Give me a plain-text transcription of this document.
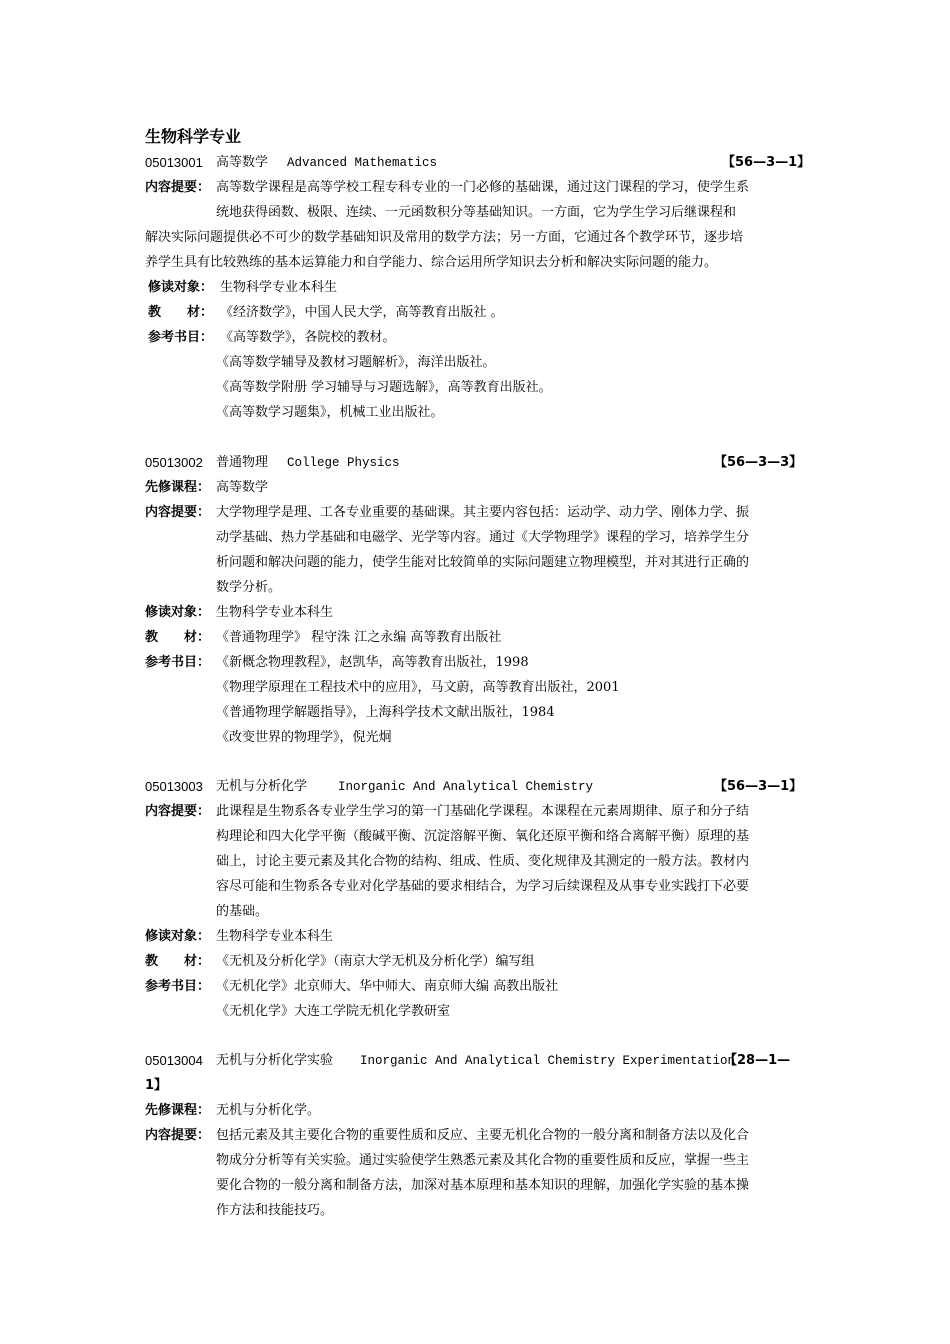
生物科学专业
05013001 高等数学 Advanced Mathematics	【56—3—1】
内容提要： 高等数学课程是高等学校工程专科专业的一门必修的基础课，通过这门课程的学习，使学生系
统地获得函数、极限、连续、一元函数积分等基础知识。一方面，它为学生学习后继课程和
解决实际问题提供必不可少的数学基础知识及常用的数学方法；另一方面，它通过各个教学环节，逐步培
养学生具有比较熟练的基本运算能力和自学能力、综合运用所学知识去分析和解决实际问题的能力。
修读对象： 生物科学专业本科生
教　　材： 《经济数学》，中国人民大学，高等教育出版社 。
参考书目： 《高等数学》，各院校的教材。
《高等数学辅导及教材习题解析》，海洋出版社。
《高等数学附册 学习辅导与习题选解》，高等教育出版社。
《高等数学习题集》，机械工业出版社。
05013002 普通物理 College Physics	【56—3—3】
先修课程： 高等数学
内容提要： 大学物理学是理、工各专业重要的基础课。其主要内容包括：运动学、动力学、刚体力学、振
动学基础、热力学基础和电磁学、光学等内容。通过《大学物理学》课程的学习，培养学生分
析问题和解决问题的能力，使学生能对比较简单的实际问题建立物理模型，并对其进行正确的
数学分析。
修读对象： 生物科学专业本科生
教　　材： 《普通物理学》 程守洙 江之永编 高等教育出版社
参考书目： 《新概念物理教程》，赵凯华，高等教育出版社，1998
《物理学原理在工程技术中的应用》，马文蔚，高等教育出版社，2001
《普通物理学解题指导》，上海科学技术文献出版社，1984
《改变世界的物理学》，倪光炯
05013003 无机与分析化学 Inorganic And Analytical Chemistry	【56—3—1】
内容提要： 此课程是生物系各专业学生学习的第一门基础化学课程。本课程在元素周期律、原子和分子结
构理论和四大化学平衡（酸碱平衡、沉淀溶解平衡、氧化还原平衡和络合离解平衡）原理的基
础上，讨论主要元素及其化合物的结构、组成、性质、变化规律及其测定的一般方法。教材内
容尽可能和生物系各专业对化学基础的要求相结合，为学习后续课程及从事专业实践打下必要
的基础。
修读对象： 生物科学专业本科生
教　　材： 《无机及分析化学》（南京大学无机及分析化学）编写组
参考书目： 《无机化学》北京师大、华中师大、南京师大编 高教出版社
《无机化学》大连工学院无机化学教研室
05013004 无机与分析化学实验 Inorganic And Analytical Chemistry Experimentation
【28—1—
1】
先修课程： 无机与分析化学。
内容提要： 包括元素及其主要化合物的重要性质和反应、主要无机化合物的一般分离和制备方法以及化合
物成分分析等有关实验。通过实验使学生熟悉元素及其化合物的重要性质和反应，掌握一些主
要化合物的一般分离和制备方法，加深对基本原理和基本知识的理解，加强化学实验的基本操
作方法和技能技巧。
